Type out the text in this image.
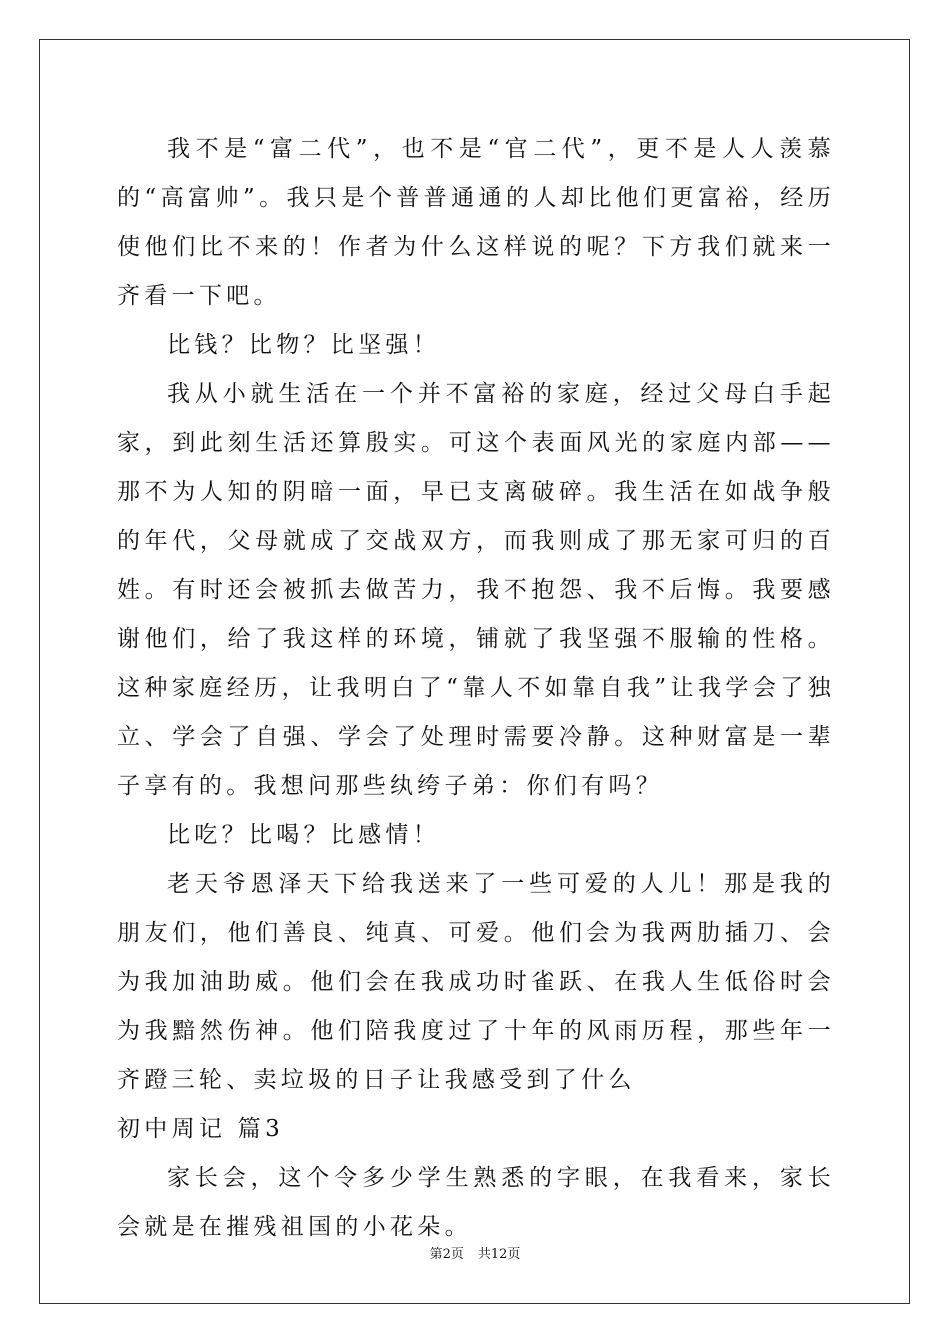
我不是“富二代”，也不是“官二代”，更不是人人羡慕的“高富帅”。我只是个普普通通的人却比他们更富裕，经历使他们比不来的！作者为什么这样说的呢？下方我们就来一齐看一下吧。

比钱？比物？比坚强！

我从小就生活在一个并不富裕的家庭，经过父母白手起家，到此刻生活还算殷实。可这个表面风光的家庭内部——那不为人知的阴暗一面，早已支离破碎。我生活在如战争般的年代，父母就成了交战双方，而我则成了那无家可归的百姓。有时还会被抓去做苦力，我不抱怨、我不后悔。我要感谢他们，给了我这样的环境，铺就了我坚强不服输的性格。这种家庭经历，让我明白了“靠人不如靠自我”让我学会了独立、学会了自强、学会了处理时需要冷静。这种财富是一辈子享有的。我想问那些纨绔子弟：你们有吗？

比吃？比喝？比感情！

老天爷恩泽天下给我送来了一些可爱的人儿！那是我的朋友们，他们善良、纯真、可爱。他们会为我两肋插刀、会为我加油助威。他们会在我成功时雀跃、在我人生低俗时会为我黯然伤神。他们陪我度过了十年的风雨历程，那些年一齐蹬三轮、卖垃圾的日子让我感受到了什么

初中周记 篇3

家长会，这个令多少学生熟悉的字眼，在我看来，家长会就是在摧残祖国的小花朵。

第2页 共12页
